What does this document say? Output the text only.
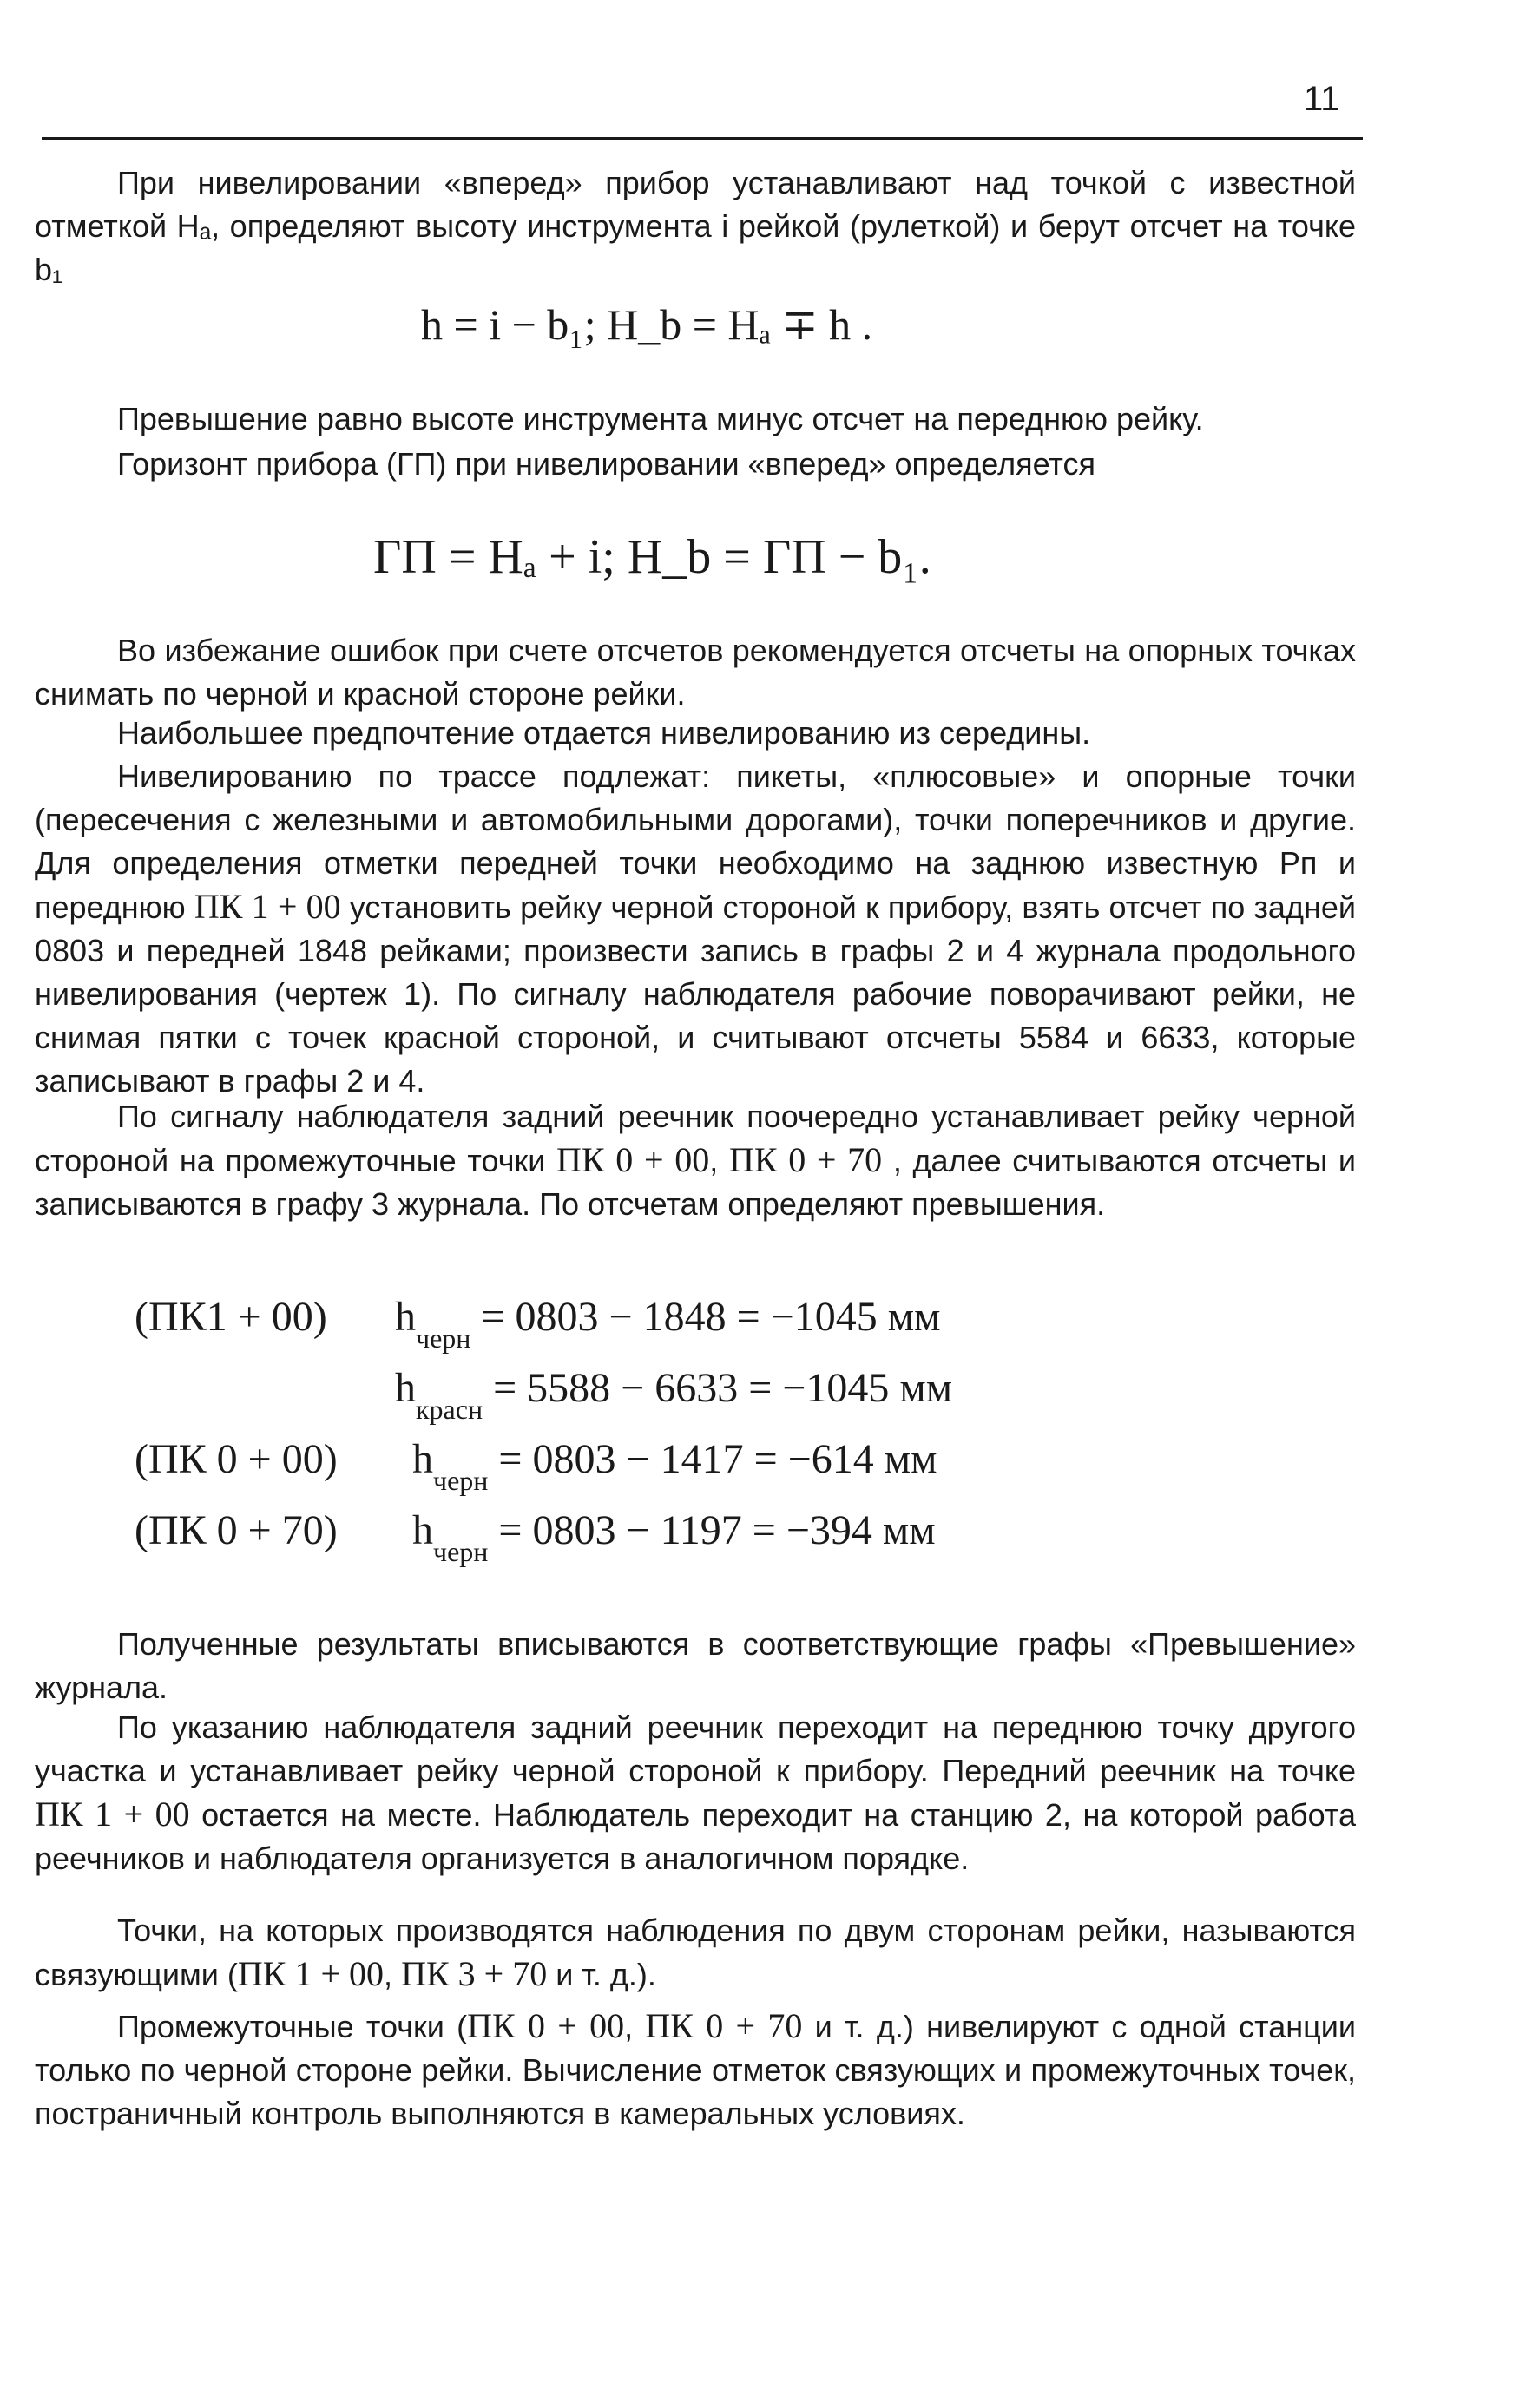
11

При нивелировании «вперед» прибор устанавливают над точкой с известной отметкой Hₐ, определяют высоту инструмента i рейкой (рулеткой) и берут отсчет на точке b₁

h = i − b₁; H_b = Hₐ ∓ h .

Превышение равно высоте инструмента минус отсчет на переднюю рейку.

Горизонт прибора (ГП) при нивелировании «вперед» определяется

ГП = Hₐ + i; H_b = ГП − b₁.

Во избежание ошибок при счете отсчетов рекомендуется отсчеты на опорных точках снимать по черной и красной стороне рейки.

Наибольшее предпочтение отдается нивелированию из середины.

Нивелированию по трассе подлежат: пикеты, «плюсовые» и опорные точки (пересечения с железными и автомобильными дорогами), точки поперечников и другие. Для определения отметки передней точки необходимо на заднюю известную Рп и переднюю ПК 1 + 00 установить рейку черной стороной к прибору, взять отсчет по задней 0803 и передней 1848 рейками; произвести запись в графы 2 и 4 журнала продольного нивелирования (чертеж 1). По сигналу наблюдателя рабочие поворачивают рейки, не снимая пятки с точек красной стороной, и считывают отсчеты 5584 и 6633, которые записывают в графы 2 и 4.

По сигналу наблюдателя задний реечник поочередно устанавливает рейку черной стороной на промежуточные точки ПК 0 + 00, ПК 0 + 70 , далее считываются отсчеты и записываются в графу 3 журнала. По отсчетам определяют превышения.

(ПК1 + 00) $h_{черн} = 0803 - 1848 = -1045$ мм
$h_{красн} = 5588 - 6633 = -1045$ мм
(ПК 0 + 00) $h_{черн} = 0803 - 1417 = -614$ мм
(ПК 0 + 70) $h_{черн} = 0803 - 1197 = -394$ мм

Полученные результаты вписываются в соответствующие графы «Превышение» журнала.

По указанию наблюдателя задний реечник переходит на переднюю точку другого участка и устанавливает рейку черной стороной к прибору. Передний реечник на точке ПК 1 + 00 остается на месте. Наблюдатель переходит на станцию 2, на которой работа реечников и наблюдателя организуется в аналогичном порядке.

Точки, на которых производятся наблюдения по двум сторонам рейки, называются связующими (ПК 1 + 00, ПК 3 + 70 и т. д.).

Промежуточные точки (ПК 0 + 00, ПК 0 + 70 и т. д.) нивелируют с одной станции только по черной стороне рейки. Вычисление отметок связующих и промежуточных точек, постраничный контроль выполняются в камеральных условиях.
